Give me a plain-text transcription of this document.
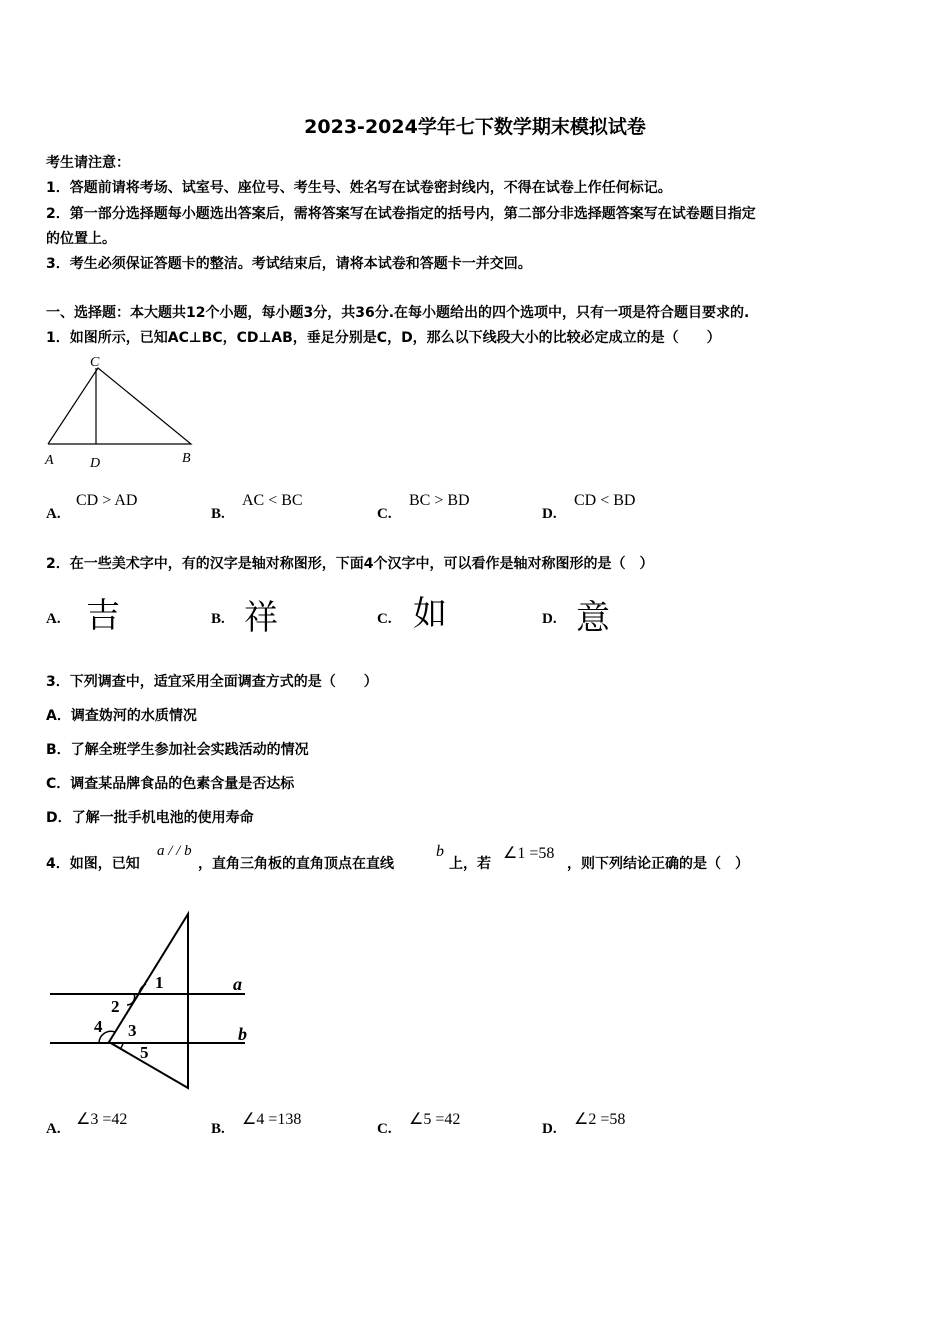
2023-2024学年七下数学期末模拟试卷
考生请注意：
1．答题前请将考场、试室号、座位号、考生号、姓名写在试卷密封线内，不得在试卷上作任何标记。
2．第一部分选择题每小题选出答案后，需将答案写在试卷指定的括号内，第二部分非选择题答案写在试卷题目指定
的位置上。
3．考生必须保证答题卡的整洁。考试结束后，请将本试卷和答题卡一并交回。
一、选择题：本大题共12个小题，每小题3分，共36分.在每小题给出的四个选项中，只有一项是符合题目要求的.
1．如图所示，已知AC⊥BC，CD⊥AB，垂足分别是C，D，那么以下线段大小的比较必定成立的是（　　）
C
A	D	B
A.
CD > AD
B.
AC < BC
C.
BC > BD
D.
CD < BD
2．在一些美术字中，有的汉字是轴对称图形，下面4个汉字中，可以看作是轴对称图形的是（　）
A. 吉	B. 祥	C. 如	D. 意
3．下列调查中，适宜采用全面调查方式的是（　　）
A．调查妫河的水质情况
B．了解全班学生参加社会实践活动的情况
C．调查某品牌食品的色素含量是否达标
D．了解一批手机电池的使用寿命
4．如图，已知
a / / b
，直角三角板的直角顶点在直线
b
上，若
∠1 =58
，则下列结论正确的是（　）
1
2
3
4
5
a
b
A.
∠3 =42
B.
∠4 =138
C.
∠5 =42
D.
∠2 =58
